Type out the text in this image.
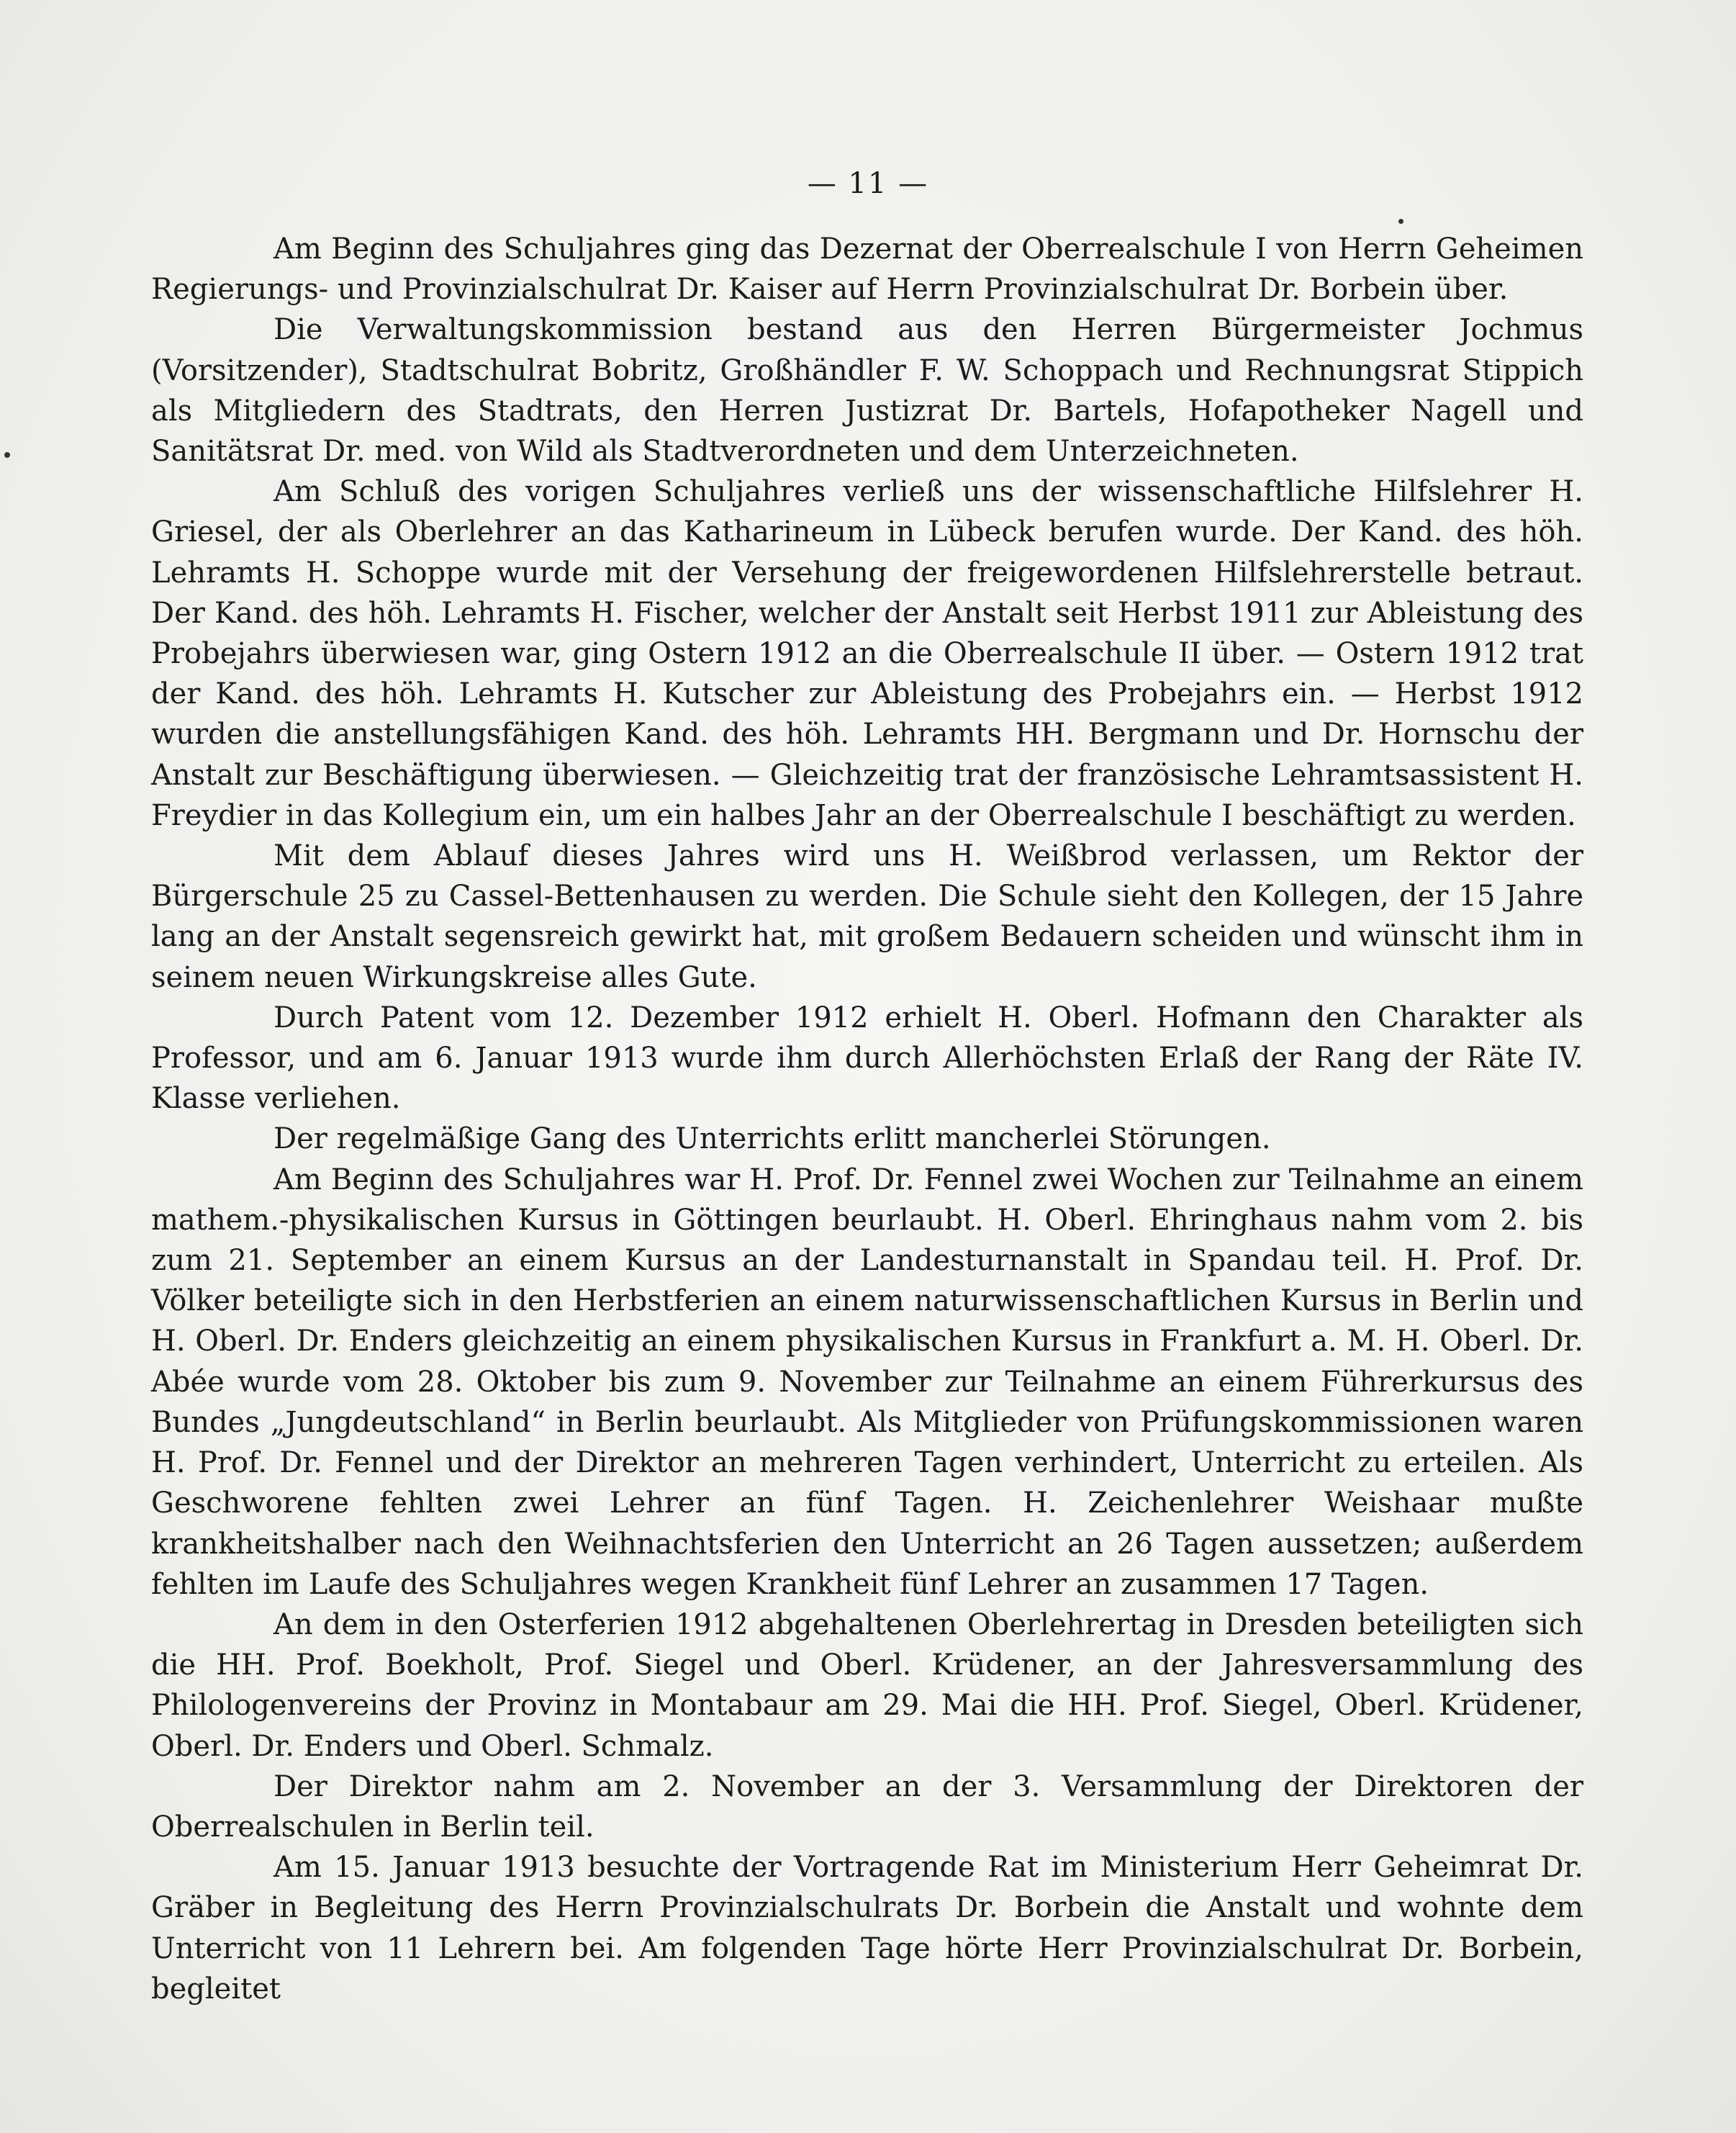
— 11 —

Am Beginn des Schuljahres ging das Dezernat der Oberrealschule I von Herrn Geheimen Regierungs- und Provinzialschulrat Dr. Kaiser auf Herrn Provinzialschulrat Dr. Borbein über.

Die Verwaltungskommission bestand aus den Herren Bürgermeister Jochmus (Vorsitzender), Stadtschulrat Bobritz, Großhändler F. W. Schoppach und Rechnungsrat Stippich als Mitgliedern des Stadtrats, den Herren Justizrat Dr. Bartels, Hofapotheker Nagell und Sanitätsrat Dr. med. von Wild als Stadtverordneten und dem Unterzeichneten.

Am Schluß des vorigen Schuljahres verließ uns der wissenschaftliche Hilfslehrer H. Griesel, der als Oberlehrer an das Katharineum in Lübeck berufen wurde. Der Kand. des höh. Lehramts H. Schoppe wurde mit der Versehung der freigewordenen Hilfslehrerstelle betraut. Der Kand. des höh. Lehramts H. Fischer, welcher der Anstalt seit Herbst 1911 zur Ableistung des Probejahrs überwiesen war, ging Ostern 1912 an die Oberrealschule II über. — Ostern 1912 trat der Kand. des höh. Lehramts H. Kutscher zur Ableistung des Probejahrs ein. — Herbst 1912 wurden die anstellungsfähigen Kand. des höh. Lehramts HH. Bergmann und Dr. Hornschu der Anstalt zur Beschäftigung überwiesen. — Gleichzeitig trat der französische Lehramtsassistent H. Freydier in das Kollegium ein, um ein halbes Jahr an der Oberrealschule I beschäftigt zu werden.

Mit dem Ablauf dieses Jahres wird uns H. Weißbrod verlassen, um Rektor der Bürgerschule 25 zu Cassel-Bettenhausen zu werden. Die Schule sieht den Kollegen, der 15 Jahre lang an der Anstalt segensreich gewirkt hat, mit großem Bedauern scheiden und wünscht ihm in seinem neuen Wirkungskreise alles Gute.

Durch Patent vom 12. Dezember 1912 erhielt H. Oberl. Hofmann den Charakter als Professor, und am 6. Januar 1913 wurde ihm durch Allerhöchsten Erlaß der Rang der Räte IV. Klasse verliehen.

Der regelmäßige Gang des Unterrichts erlitt mancherlei Störungen.

Am Beginn des Schuljahres war H. Prof. Dr. Fennel zwei Wochen zur Teilnahme an einem mathem.-physikalischen Kursus in Göttingen beurlaubt. H. Oberl. Ehringhaus nahm vom 2. bis zum 21. September an einem Kursus an der Landesturnanstalt in Spandau teil. H. Prof. Dr. Völker beteiligte sich in den Herbstferien an einem naturwissenschaftlichen Kursus in Berlin und H. Oberl. Dr. Enders gleichzeitig an einem physikalischen Kursus in Frankfurt a. M. H. Oberl. Dr. Abée wurde vom 28. Oktober bis zum 9. November zur Teilnahme an einem Führerkursus des Bundes „Jungdeutschland“ in Berlin beurlaubt. Als Mitglieder von Prüfungskommissionen waren H. Prof. Dr. Fennel und der Direktor an mehreren Tagen verhindert, Unterricht zu erteilen. Als Geschworene fehlten zwei Lehrer an fünf Tagen. H. Zeichenlehrer Weishaar mußte krankheitshalber nach den Weihnachtsferien den Unterricht an 26 Tagen aussetzen; außerdem fehlten im Laufe des Schuljahres wegen Krankheit fünf Lehrer an zusammen 17 Tagen.

An dem in den Osterferien 1912 abgehaltenen Oberlehrertag in Dresden beteiligten sich die HH. Prof. Boekholt, Prof. Siegel und Oberl. Krüdener, an der Jahresversammlung des Philologenvereins der Provinz in Montabaur am 29. Mai die HH. Prof. Siegel, Oberl. Krüdener, Oberl. Dr. Enders und Oberl. Schmalz.

Der Direktor nahm am 2. November an der 3. Versammlung der Direktoren der Oberrealschulen in Berlin teil.

Am 15. Januar 1913 besuchte der Vortragende Rat im Ministerium Herr Geheimrat Dr. Gräber in Begleitung des Herrn Provinzialschulrats Dr. Borbein die Anstalt und wohnte dem Unterricht von 11 Lehrern bei. Am folgenden Tage hörte Herr Provinzialschulrat Dr. Borbein, begleitet
